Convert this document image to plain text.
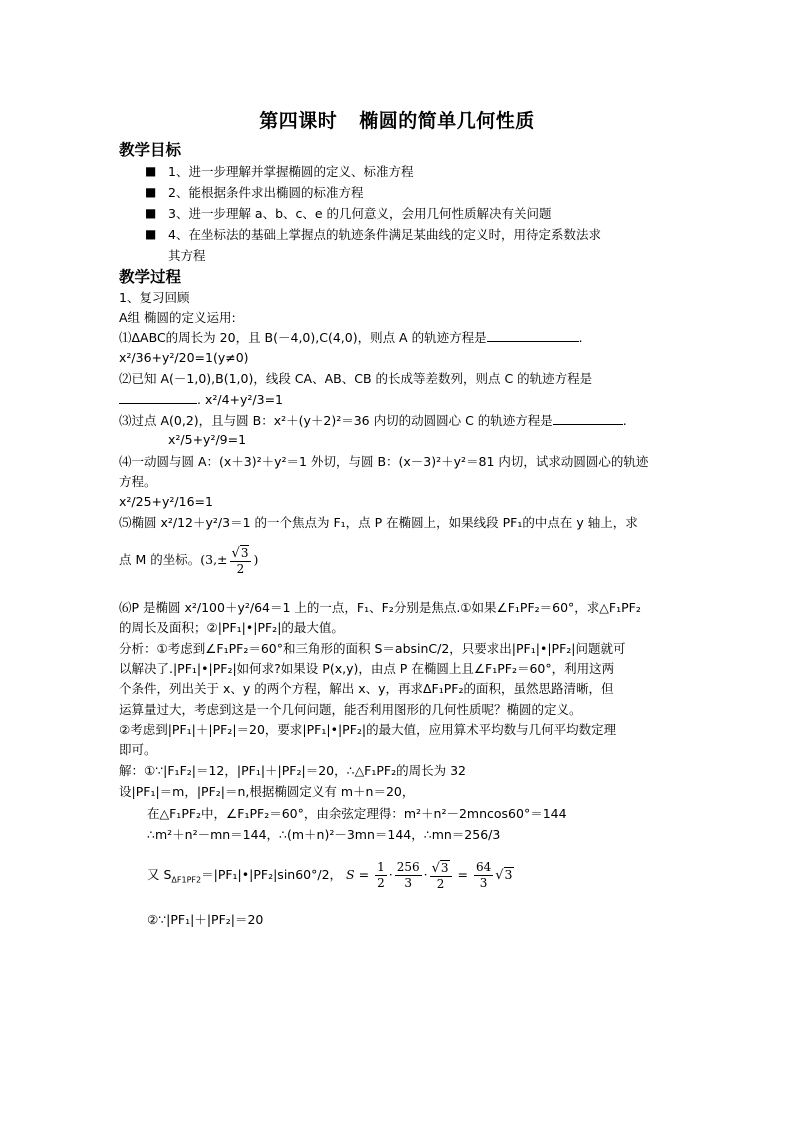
第四课时 椭圆的简单几何性质
教学目标
■ 1、进一步理解并掌握椭圆的定义、标准方程
■ 2、能根据条件求出椭圆的标准方程
■ 3、进一步理解 a、b、c、e 的几何意义，会用几何性质解决有关问题
■ 4、在坐标法的基础上掌握点的轨迹条件满足某曲线的定义时，用待定系数法求
其方程
教学过程
1、复习回顾
A组 椭圆的定义运用:
⑴ΔABC的周长为 20，且 B(－4,0),C(4,0)，则点 A 的轨迹方程是	.
x²/36+y²/20=1(y≠0)
⑵已知 A(－1,0),B(1,0)，线段 CA、AB、CB 的长成等差数列，则点 C 的轨迹方程是
. x²/4+y²/3=1
⑶过点 A(0,2)，且与圆 B：x²＋(y＋2)²＝36 内切的动圆圆心 C 的轨迹方程是	.
x²/5+y²/9=1
⑷一动圆与圆 A：(x＋3)²＋y²＝1 外切，与圆 B：(x－3)²＋y²＝81 内切，试求动圆圆心的轨迹
方程。
x²/25+y²/16=1
⑸椭圆 x²/12＋y²/3＝1 的一个焦点为 F₁，点 P 在椭圆上，如果线段 PF₁的中点在 y 轴上，求
点 M 的坐标。($3,\pm \frac{√3}{2}$ )
⑹P 是椭圆 x²/100＋y²/64＝1 上的一点，F₁、F₂分别是焦点.①如果∠F₁PF₂＝60°，求△F₁PF₂
的周长及面积；②|PF₁|•|PF₂|的最大值。
分析：①考虑到∠F₁PF₂＝60°和三角形的面积 S＝absinC/2，只要求出|PF₁|•|PF₂|问题就可
以解决了.|PF₁|•|PF₂|如何求?如果设 P(x,y)，由点 P 在椭圆上且∠F₁PF₂＝60°，利用这两
个条件，列出关于 x、y 的两个方程，解出 x、y，再求ΔF₁PF₂的面积，虽然思路清晰，但
运算量过大，考虑到这是一个几何问题，能否利用图形的几何性质呢？椭圆的定义。
②考虑到|PF₁|＋|PF₂|＝20，要求|PF₁|•|PF₂|的最大值，应用算术平均数与几何平均数定理
即可。
解：①∵|F₁F₂|＝12，|PF₁|＋|PF₂|＝20，∴△F₁PF₂的周长为 32
设|PF₁|＝m，|PF₂|＝n,根据椭圆定义有 m＋n＝20，
在△F₁PF₂中，∠F₁PF₂＝60°，由余弦定理得：m²＋n²－2mncos60°＝144
∴m²＋n²－mn＝144，∴(m＋n)²－3mn＝144，∴mn＝256/3
又 $S_{\Delta F1PF2}=|PF_1|•|PF_2|\sin 60^\circ/2$， $S = \frac{1}{2} \cdot \frac{256}{3} \cdot \frac{√3}{2} = \frac{64}{3} √3$
②∵|PF₁|＋|PF₂|＝20
